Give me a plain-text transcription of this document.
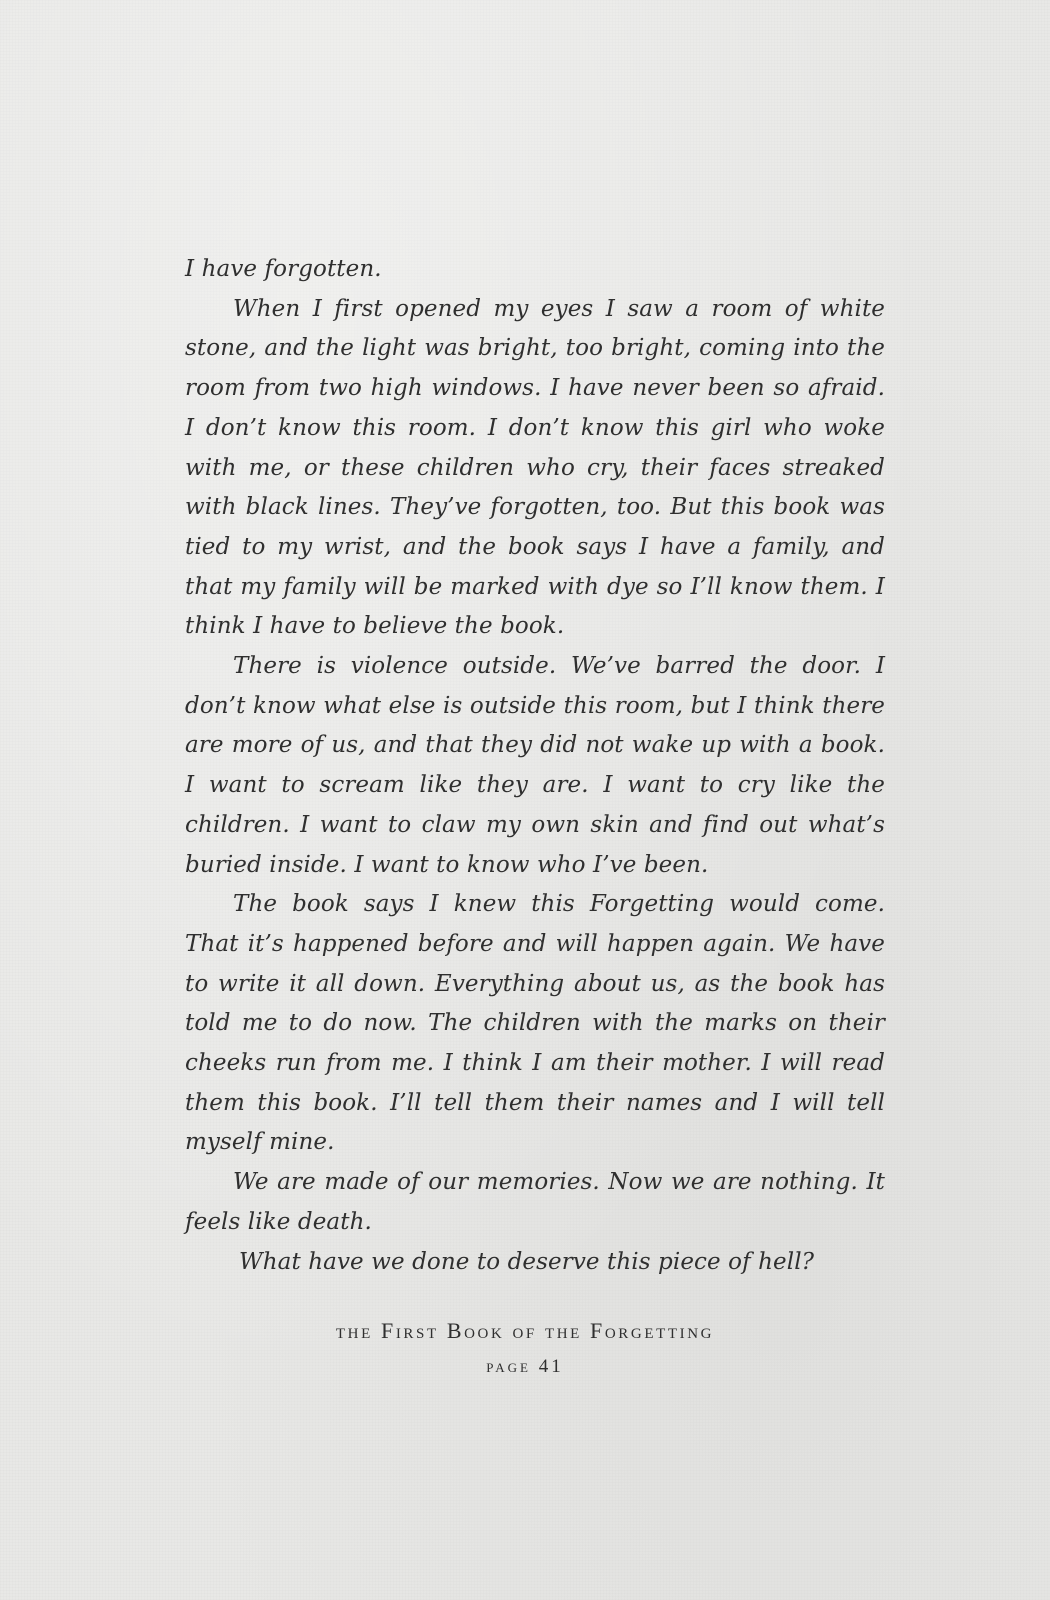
I have forgotten.

When I first opened my eyes I saw a room of white stone, and the light was bright, too bright, coming into the room from two high windows. I have never been so afraid. I don’t know this room. I don’t know this girl who woke with me, or these children who cry, their faces streaked with black lines. They’ve forgotten, too. But this book was tied to my wrist, and the book says I have a family, and that my family will be marked with dye so I’ll know them. I think I have to believe the book.

There is violence outside. We’ve barred the door. I don’t know what else is outside this room, but I think there are more of us, and that they did not wake up with a book. I want to scream like they are. I want to cry like the children. I want to claw my own skin and find out what’s buried inside. I want to know who I’ve been.

The book says I knew this Forgetting would come. That it’s happened before and will happen again. We have to write it all down. Everything about us, as the book has told me to do now. The children with the marks on their cheeks run from me. I think I am their mother. I will read them this book. I’ll tell them their names and I will tell myself mine.

We are made of our memories. Now we are nothing. It feels like death.

What have we done to deserve this piece of hell?

the First Book of the Forgetting
page 41
